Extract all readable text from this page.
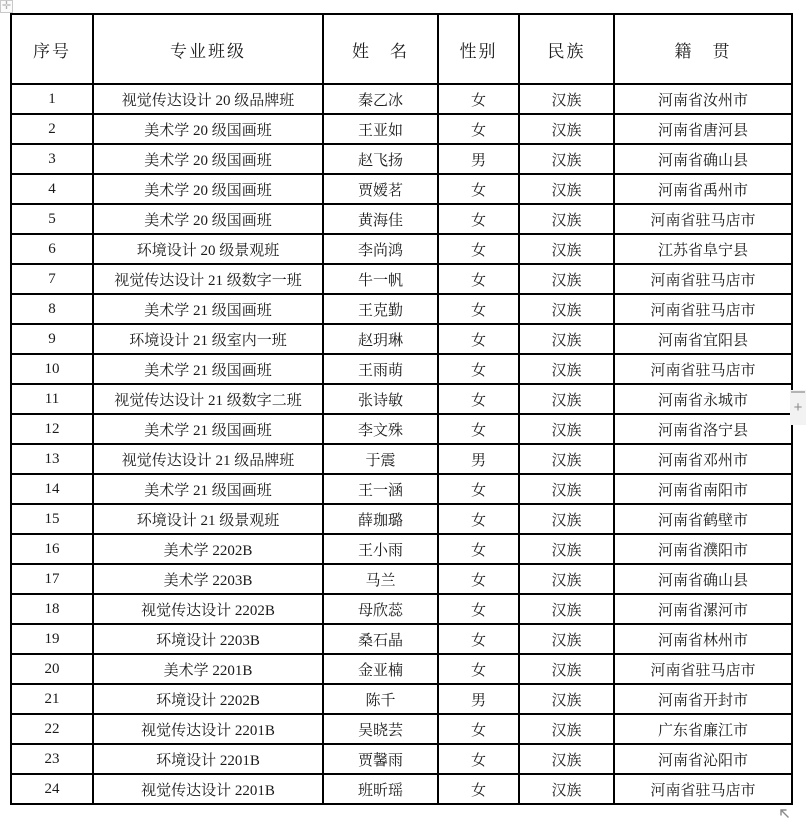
✛
序号	专业班级	姓　名	性别	民族	籍　贯
1	视觉传达设计 20 级品牌班	秦乙冰	女	汉族	河南省汝州市
2	美术学 20 级国画班	王亚如	女	汉族	河南省唐河县
3	美术学 20 级国画班	赵飞扬	男	汉族	河南省确山县
4	美术学 20 级国画班	贾嫒茗	女	汉族	河南省禹州市
5	美术学 20 级国画班	黄海佳	女	汉族	河南省驻马店市
6	环境设计 20 级景观班	李尚鸿	女	汉族	江苏省阜宁县
7	视觉传达设计 21 级数字一班	牛一帆	女	汉族	河南省驻马店市
8	美术学 21 级国画班	王克勤	女	汉族	河南省驻马店市
9	环境设计 21 级室内一班	赵玥琳	女	汉族	河南省宜阳县
10	美术学 21 级国画班	王雨萌	女	汉族	河南省驻马店市
11	视觉传达设计 21 级数字二班	张诗敏	女	汉族	河南省永城市
12	美术学 21 级国画班	李文殊	女	汉族	河南省洛宁县
13	视觉传达设计 21 级品牌班	于震	男	汉族	河南省邓州市
14	美术学 21 级国画班	王一涵	女	汉族	河南省南阳市
15	环境设计 21 级景观班	薛珈璐	女	汉族	河南省鹤壁市
16	美术学 2202B	王小雨	女	汉族	河南省濮阳市
17	美术学 2203B	马兰	女	汉族	河南省确山县
18	视觉传达设计 2202B	母欣蕊	女	汉族	河南省漯河市
19	环境设计 2203B	桑石晶	女	汉族	河南省林州市
20	美术学 2201B	金亚楠	女	汉族	河南省驻马店市
21	环境设计 2202B	陈千	男	汉族	河南省开封市
22	视觉传达设计 2201B	吴晓芸	女	汉族	广东省廉江市
23	环境设计 2201B	贾馨雨	女	汉族	河南省沁阳市
24	视觉传达设计 2201B	班昕瑶	女	汉族	河南省驻马店市
+
